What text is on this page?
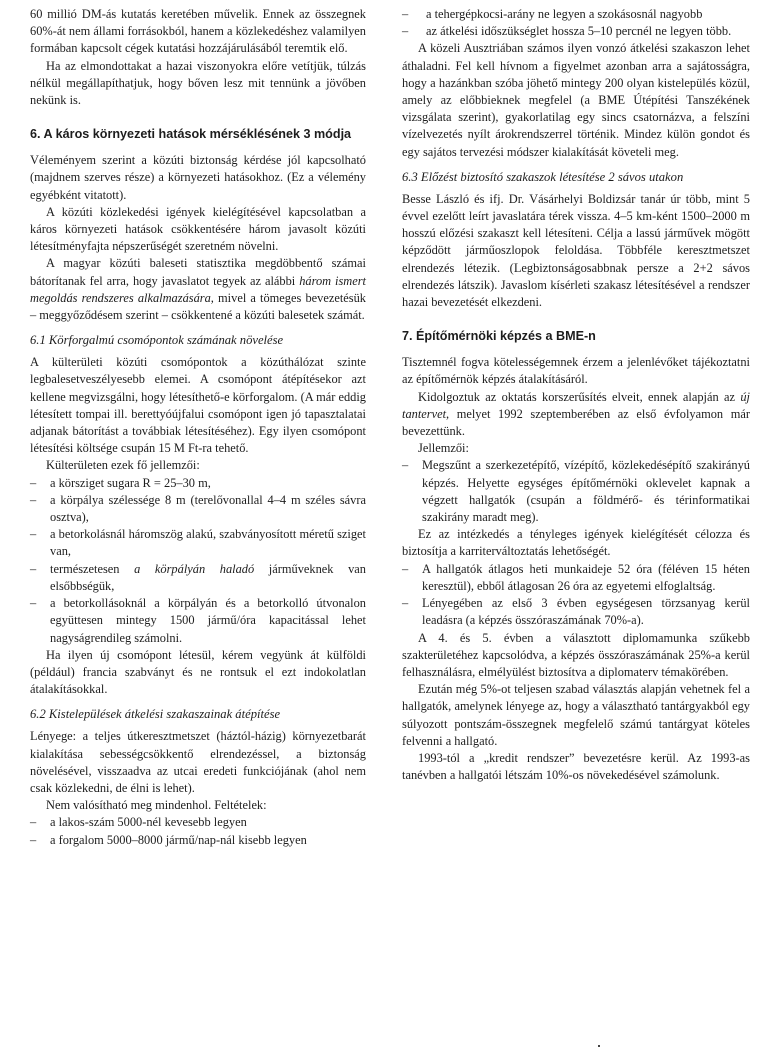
60 millió DM-ás kutatás keretében művelik. Ennek az összegnek 60%-át nem állami forrásokból, hanem a közlekedéshez valamilyen formában kapcsolt cégek kutatási hozzájárulásából teremtik elő.

Ha az elmondottakat a hazai viszonyokra előre vetítjük, túlzás nélkül megállapíthatjuk, hogy bőven lesz mit tennünk a jövőben nekünk is.

6. A káros környezeti hatások mérséklésének 3 módja

Véleményem szerint a közúti biztonság kérdése jól kapcsolható (majdnem szerves része) a környezeti hatásokhoz. (Ez a vélemény egyébként vitatott).

A közúti közlekedési igények kielégítésével kapcsolatban a káros környezeti hatások csökkentésére három javasolt közúti létesítményfajta népszerűségét szeretném növelni.

A magyar közúti baleseti statisztika megdöbbentő számai bátorítanak fel arra, hogy javaslatot tegyek az alábbi három ismert megoldás rendszeres alkalmazására, mivel a tömeges bevezetésük – meggyőződésem szerint – csökkentené a közúti balesetek számát.

6.1 Körforgalmú csomópontok számának növelése

A külterületi közúti csomópontok a közúthálózat szinte legbalesetveszélyesebb elemei. A csomópont átépítésekor azt kellene megvizsgálni, hogy létesíthető-e körforgalom. (A már eddig létesített tompai ill. berettyóújfalui csomópont igen jó tapasztalatai adjanak bátorítást a továbbiak létesítéséhez). Egy ilyen csomópont létesítési költsége csupán 15 M Ft-ra tehető.

Külterületen ezek fő jellemzői:

– a körsziget sugara R = 25–30 m,
– a körpálya szélessége 8 m (terelővonallal 4–4 m széles sávra osztva),
– a betorkolásnál háromszög alakú, szabványosított méretű sziget van,
– természetesen a körpályán haladó járműveknek van elsőbbségük,
– a betorkollásoknál a körpályán és a betorkolló útvonalon együttesen mintegy 1500 jármű/óra kapacitással lehet nagyságrendileg számolni.

Ha ilyen új csomópont létesül, kérem vegyünk át külföldi (például) francia szabványt és ne rontsuk el ezt indokolatlan átalakításokkal.

6.2 Kistelepülések átkelési szakaszainak átépítése

Lényege: a teljes útkeresztmetszet (háztól-házig) környezetbarát kialakítása sebességcsökkentő elrendezéssel, a biztonság növelésével, visszaadva az utcai eredeti funkciójának (ahol nem csak közlekedni, de élni is lehet).

Nem valósítható meg mindenhol. Feltételek:

– a lakos-szám 5000-nél kevesebb legyen
– a forgalom 5000–8000 jármű/nap-nál kisebb legyen
– a tehergépkocsi-arány ne legyen a szokásosnál nagyobb
– az átkelési időszükséglet hossza 5–10 percnél ne legyen több.

A közeli Ausztriában számos ilyen vonzó átkelési szakaszon lehet áthaladni. Fel kell hívnom a figyelmet azonban arra a sajátosságra, hogy a hazánkban szóba jöhető mintegy 200 olyan kistelepülés közül, amely az előbbieknek megfelel (a BME Útépítési Tanszékének vizsgálata szerint), gyakorlatilag egy sincs csatornázva, a felszíni vízelvezetés nyílt árokrendszerrel történik. Mindez külön gondot és egy sajátos tervezési módszer kialakítását követeli meg.

6.3 Előzést biztosító szakaszok létesítése 2 sávos utakon

Besse László és ifj. Dr. Vásárhelyi Boldizsár tanár úr több, mint 5 évvel ezelőtt leírt javaslatára térek vissza. 4–5 km-ként 1500–2000 m hosszú előzési szakaszt kell létesíteni. Célja a lassú járművek mögött képződött járműoszlopok feloldása. Többféle keresztmetszet elrendezés létezik. (Legbiztonságosabbnak persze a 2+2 sávos elrendezés látszik). Javaslom kísérleti szakasz létesítésével a rendszer hazai bevezetését elkezdeni.

7. Építőmérnöki képzés a BME-n

Tisztemnél fogva kötelességemnek érzem a jelenlévőket tájékoztatni az építőmérnök képzés átalakításáról.

Kidolgoztuk az oktatás korszerűsítés elveit, ennek alapján az új tantervet, melyet 1992 szeptemberében az első évfolyamon már bevezettünk.

Jellemzői:

– Megszűnt a szerkezetépítő, vízépítő, közlekedésépítő szakirányú képzés. Helyette egységes építőmérnöki oklevelet kapnak a végzett hallgatók (csupán a földmérő- és térinformatikai szakirány maradt meg).

Ez az intézkedés a tényleges igények kielégítését célozza és biztosítja a karriterváltoztatás lehetőségét.

– A hallgatók átlagos heti munkaideje 52 óra (féléven 15 héten keresztül), ebből átlagosan 26 óra az egyetemi elfoglaltság.
– Lényegében az első 3 évben egységesen törzsanyag kerül leadásra (a képzés összóraszámának 70%-a).

A 4. és 5. évben a választott diplomamunka szűkebb szakterületéhez kapcsolódva, a képzés összóraszámának 25%-a kerül felhasználásra, elmélyülést biztosítva a diplomaterv témakörében.

Ezután még 5%-ot teljesen szabad választás alapján vehetnek fel a hallgatók, amelynek lényege az, hogy a választható tantárgyakból egy súlyozott pontszám-összegnek megfelelő számú tantárgyat köteles felvenni a hallgató.

1993-tól a „kredit rendszer” bevezetésre kerül. Az 1993-as tanévben a hallgatói létszám 10%-os növekedésével számolunk.
